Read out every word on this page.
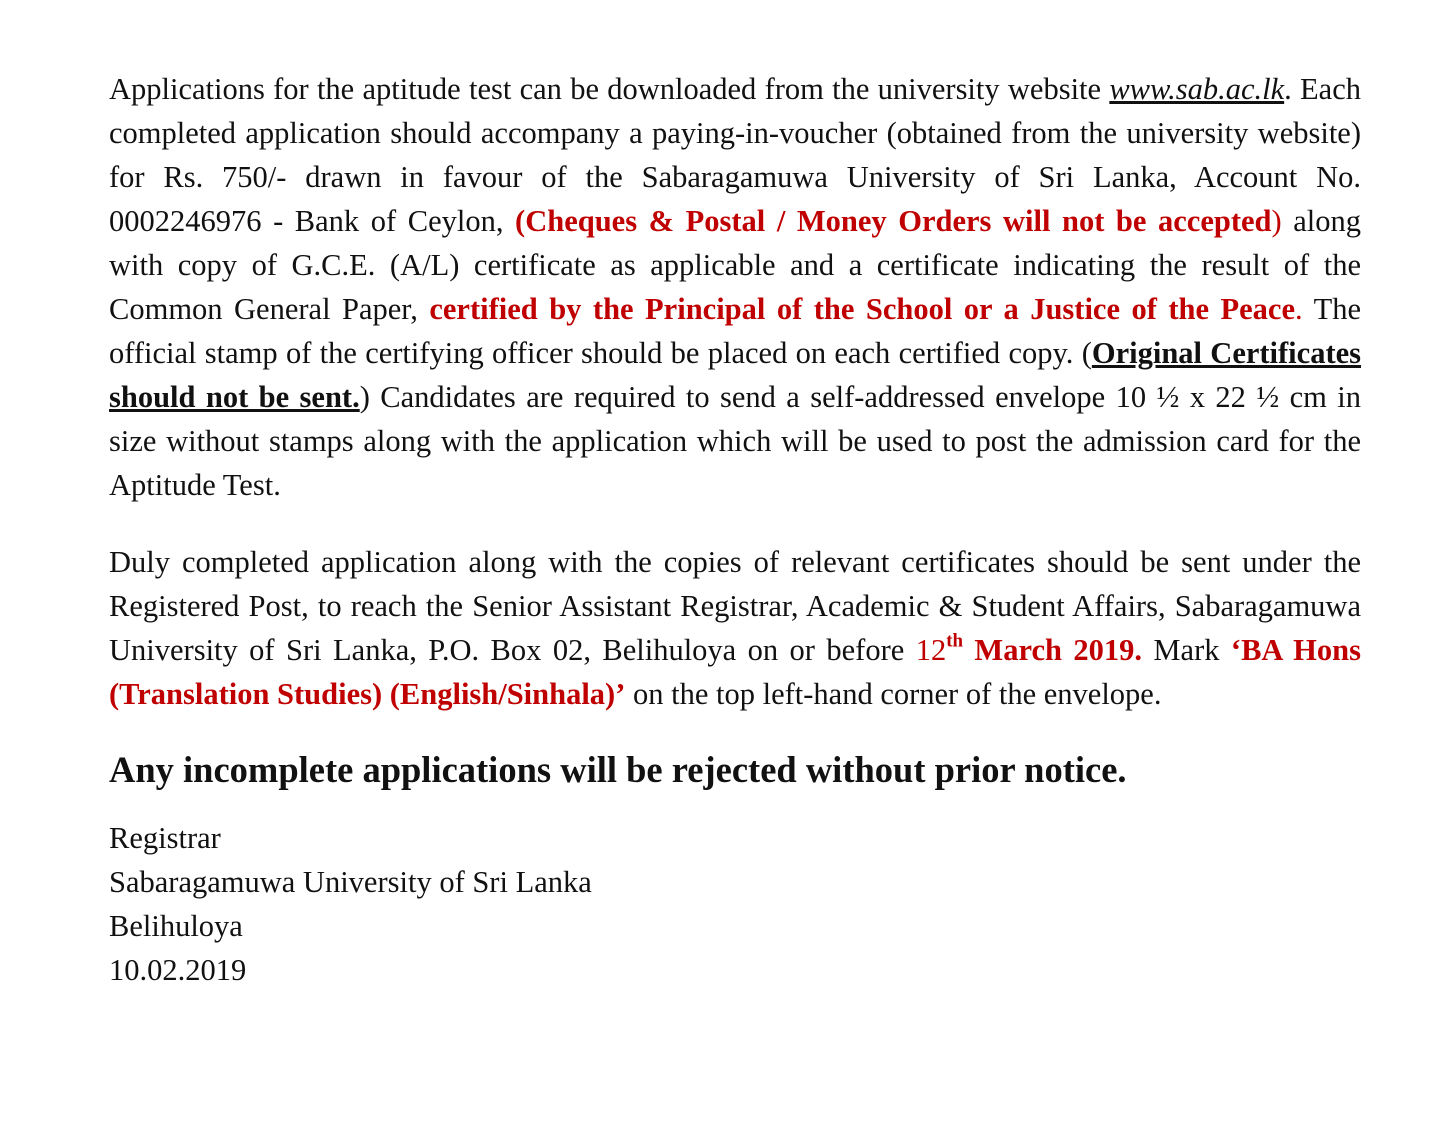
Applications for the aptitude test can be downloaded from the university website www.sab.ac.lk. Each completed application should accompany a paying-in-voucher (obtained from the university website) for Rs. 750/- drawn in favour of the Sabaragamuwa University of Sri Lanka, Account No. 0002246976 - Bank of Ceylon, (Cheques & Postal / Money Orders will not be accepted) along with copy of G.C.E. (A/L) certificate as applicable and a certificate indicating the result of the Common General Paper, certified by the Principal of the School or a Justice of the Peace. The official stamp of the certifying officer should be placed on each certified copy. (Original Certificates should not be sent.) Candidates are required to send a self-addressed envelope 10 ½ x 22 ½ cm in size without stamps along with the application which will be used to post the admission card for the Aptitude Test.

Duly completed application along with the copies of relevant certificates should be sent under the Registered Post, to reach the Senior Assistant Registrar, Academic & Student Affairs, Sabaragamuwa University of Sri Lanka, P.O. Box 02, Belihuloya on or before 12th March 2019. Mark ‘BA Hons (Translation Studies) (English/Sinhala)’ on the top left-hand corner of the envelope.

Any incomplete applications will be rejected without prior notice.
Registrar
Sabaragamuwa University of Sri Lanka
Belihuloya
10.02.2019
